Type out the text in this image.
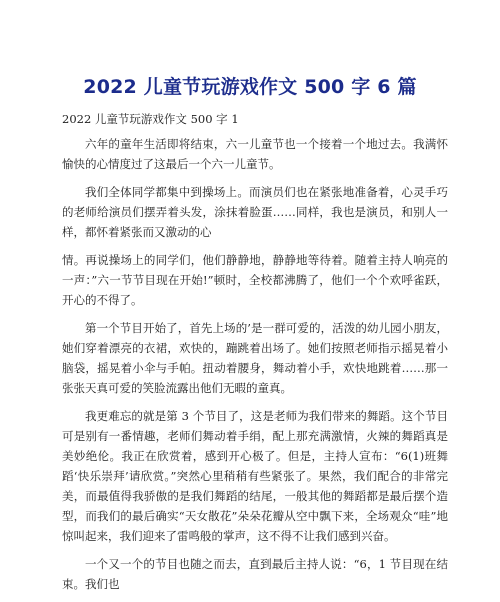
2022 儿童节玩游戏作文 500 字 6 篇
2022 儿童节玩游戏作文 500 字 1

六年的童年生活即将结束，六一儿童节也一个接着一个地过去。我满怀愉快的心情度过了这最后一个六一儿童节。

我们全体同学都集中到操场上。而演员们也在紧张地准备着，心灵手巧的老师给演员们摆弄着头发，涂抹着脸蛋……同样，我也是演员，和别人一样，都怀着紧张而又激动的心

情。再说操场上的同学们，他们静静地，静静地等待着。随着主持人响亮的一声：”六一节节目现在开始!”顿时，全校都沸腾了，他们一个个欢呼雀跃，开心的不得了。

第一个节目开始了，首先上场的’是一群可爱的，活泼的幼儿园小朋友，她们穿着漂亮的衣裙，欢快的，蹦跳着出场了。她们按照老师指示摇晃着小脑袋，摇晃着小伞与手帕。扭动着腰身，舞动着小手，欢快地跳着……那一张张天真可爱的笑脸流露出他们无暇的童真。

我更难忘的就是第 3 个节目了，这是老师为我们带来的舞蹈。这个节目可是别有一番情趣，老师们舞动着手绢，配上那充满激情，火辣的舞蹈真是美妙绝伦。我正在欣赏着，感到开心极了。但是，主持人宣布：“6(1)班舞蹈‘快乐崇拜’请欣赏。”突然心里稍稍有些紧张了。果然，我们配合的非常完美，而最值得我骄傲的是我们舞蹈的结尾，一般其他的舞蹈都是最后摆个造型，而我们的最后确实“天女散花”朵朵花瓣从空中飘下来，全场观众“哇”地惊叫起来，我们迎来了雷鸣般的掌声，这不得不让我们感到兴奋。

一个又一个的节目也随之而去，直到最后主持人说：“6，1 节目现在结束。我们也
